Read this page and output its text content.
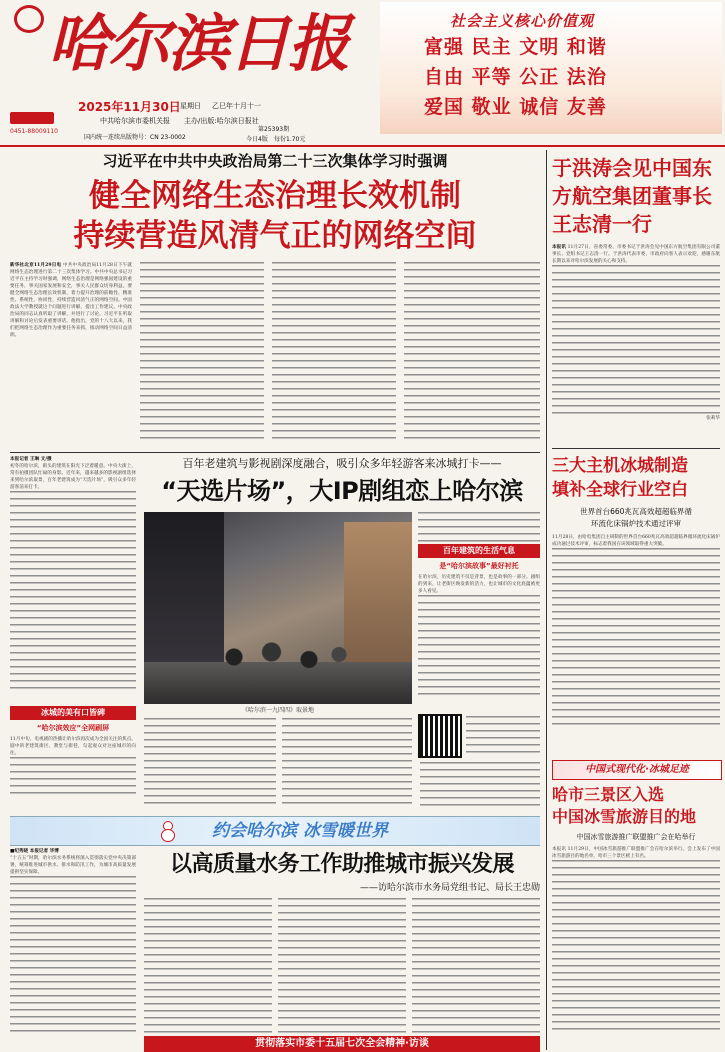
哈尔滨日报
2025年11月30日 星期日 乙巳年十月十一
中共哈尔滨市委机关报 主办/出版:哈尔滨日报社
国内统一连续出版物号：CN 23-0002
第25393期
今日4版 每份1.70元
0451-88009110
社会主义核心价值观
富强 民主 文明 和谐
自由 平等 公正 法治
爱国 敬业 诚信 友善
习近平在中共中央政治局第二十三次集体学习时强调
健全网络生态治理长效机制
持续营造风清气正的网络空间
新华社北京11月29日电 中共中央政治局11月28日下午就网络生态治理进行第二十三次集体学习。中共中央总书记习近平在主持学习时强调，网络生态治理是网络强国建设的重要任务，事关国家发展和安全，事关人民群众切身利益。要健全网络生态治理长效机制，着力提升治理的前瞻性、精准性、系统性、协同性，持续营造风清气正的网络空间。中国政法大学教授就这个问题进行讲解，提出工作建议。中央政治局的同志认真听取了讲解，并进行了讨论。习近平在听取讲解和讨论后发表重要讲话。他指出，党的十八大以来，我们把网络生态治理作为重要任务来抓，推动网络空间日益清朗。
本报记者 王琳 文/摄
初冬的哈尔滨，街头的建筑在阳光下泛着暖意。中央大街上，常有拍摄团队忙碌的身影。近年来，越来越多的影视剧组选择来到哈尔滨取景，百年老建筑成为“天选片场”，吸引众多年轻游客前来打卡。
百年老建筑与影视剧深度融合，吸引众多年轻游客来冰城打卡——
“天选片场”，大IP剧组恋上哈尔滨
《哈尔滨一九四四》取景地
百年建筑的生活气息
是“哈尔滨故事”最好衬托
在哈尔滨，历史建筑不仅是背景，也是故事的一部分。剧组的到来，让老街区焕发新的活力，也让城市的文化底蕴被更多人看见。
冰城的美有口皆碑
“哈尔滨效应”全网刷屏
11月中旬，电视剧的热播让哈尔滨再次成为全国关注的焦点。剧中的老建筑街区、教堂与街巷，勾起观众对这座城市的向往。
约会哈尔滨 冰雪暖世界
■纪秀晓 本报记者 毕博
“十五五”时期，哈尔滨水务系统将深入贯彻落实党中央决策部署，统筹推进城市供水、排水和防汛工作，为城市高质量发展提供坚实保障。	以高质量水务工作助推城市振兴发展
——访哈尔滨市水务局党组书记、局长王忠勋
贯彻落实市委十五届七次全会精神·访谈
于洪涛会见中国东方航空集团董事长王志清一行
本报讯 11月27日，省委常委、市委书记于洪涛会见中国东方航空集团有限公司董事长、党组书记王志清一行。于洪涛代表市委、市政府向客人表示欢迎，感谢东航长期以来对哈尔滨发展的关心和支持。
张莉华
三大主机冰城制造
填补全球行业空白
世界首台660兆瓦高效超超临界循
环流化床锅炉技术通过评审
11月28日，由哈电集团自主研制的世界首台660兆瓦高效超超临界循环流化床锅炉成功通过技术评审，标志着我国在该领域取得重大突破。
中国式现代化·冰城足迹
哈市三景区入选
中国冰雪旅游目的地
中国冰雪旅游推广联盟推广会在哈举行
本报讯 11月29日，中国冰雪旅游推广联盟推广会在哈尔滨举行。会上发布了中国冰雪旅游目的地名单，哈市三个景区榜上有名。
